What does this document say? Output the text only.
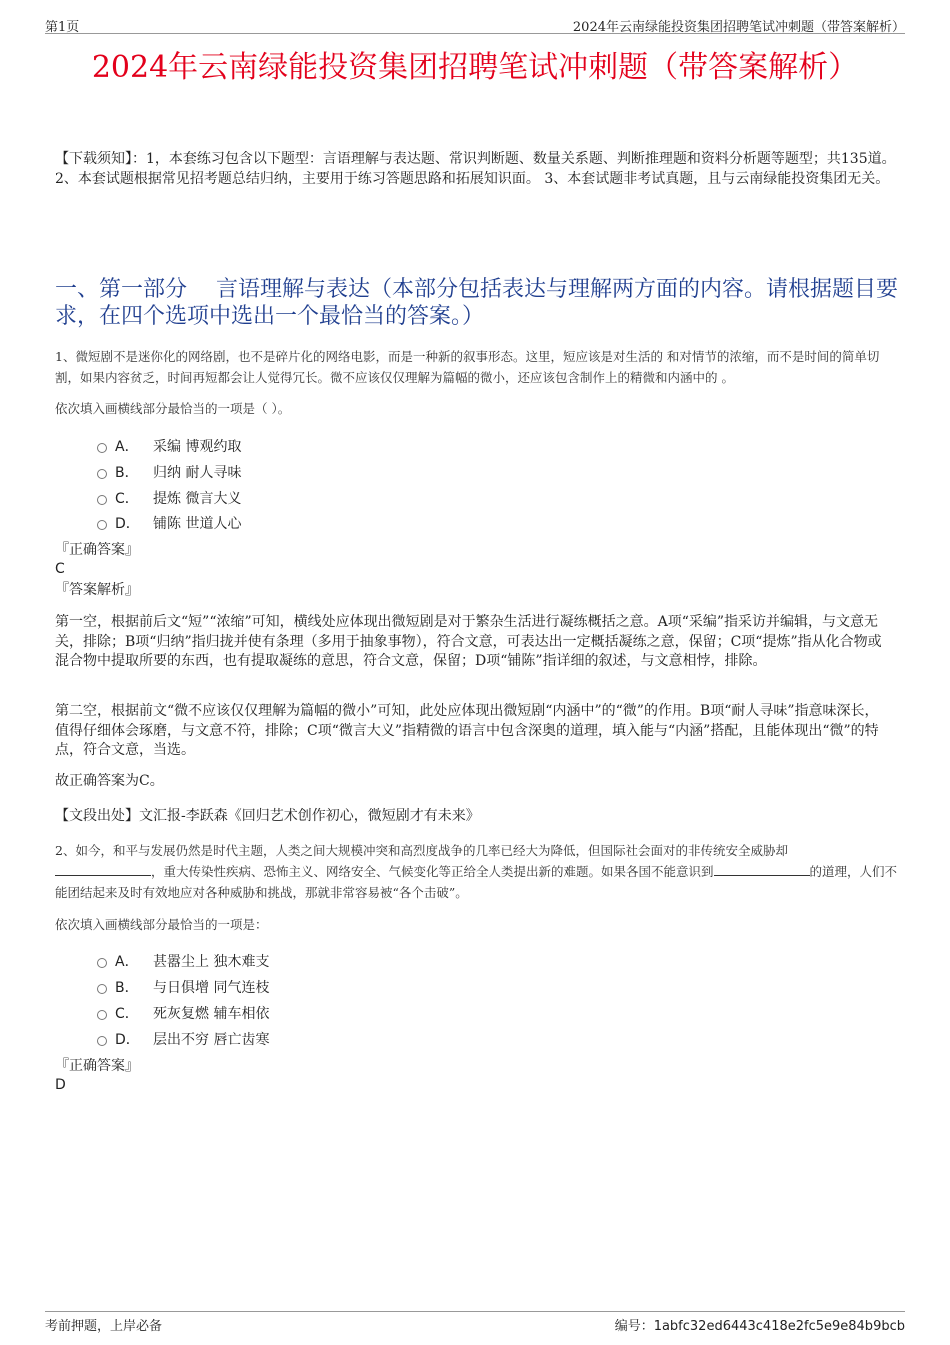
第1页	2024年云南绿能投资集团招聘笔试冲刺题（带答案解析）
2024年云南绿能投资集团招聘笔试冲刺题（带答案解析）
【下载须知】：1，本套练习包含以下题型：言语理解与表达题、常识判断题、数量关系题、判断推理题和资料分析题等题型；共135道。 2、本套试题根据常见招考题总结归纳，主要用于练习答题思路和拓展知识面。 3、本套试题非考试真题，且与云南绿能投资集团无关。
一、第一部分　 言语理解与表达（本部分包括表达与理解两方面的内容。请根据题目要求，在四个选项中选出一个最恰当的答案。）
1、微短剧不是迷你化的网络剧，也不是碎片化的网络电影，而是一种新的叙事形态。这里，短应该是对生活的 和对情节的浓缩，而不是时间的简单切割，如果内容贫乏，时间再短都会让人觉得冗长。微不应该仅仅理解为篇幅的微小，还应该包含制作上的精微和内涵中的 。
依次填入画横线部分最恰当的一项是（ ）。
A．	采编 博观约取
B．	归纳 耐人寻味
C．	提炼 微言大义
D． 铺陈 世道人心
『正确答案』
C
『答案解析』
第一空，根据前后文“短”“浓缩”可知，横线处应体现出微短剧是对于繁杂生活进行凝练概括之意。A项“采编”指采访并编辑，与文意无关，排除；B项“归纳”指归拢并使有条理（多用于抽象事物），符合文意，可表达出一定概括凝练之意，保留；C项“提炼”指从化合物或混合物中提取所要的东西，也有提取凝练的意思，符合文意，保留；D项“铺陈”指详细的叙述，与文意相悖，排除。
第二空，根据前文“微不应该仅仅理解为篇幅的微小”可知，此处应体现出微短剧“内涵中”的“微”的作用。B项“耐人寻味”指意味深长，值得仔细体会琢磨，与文意不符，排除；C项“微言大义”指精微的语言中包含深奥的道理，填入能与“内涵”搭配，且能体现出“微”的特点，符合文意，当选。
故正确答案为C。
【文段出处】文汇报-李跃森《回归艺术创作初心，微短剧才有未来》
2、如今，和平与发展仍然是时代主题，人类之间大规模冲突和高烈度战争的几率已经大为降低，但国际社会面对的非传统安全威胁却
，重大传染性疾病、恐怖主义、网络安全、气候变化等正给全人类提出新的难题。如果各国不能意识到	的道理，人们不能团结起来及时有效地应对各种威胁和挑战，那就非常容易被“各个击破”。
依次填入画横线部分最恰当的一项是：
A．	甚嚣尘上 独木难支
B．	与日俱增 同气连枝
C．	死灰复燃 辅车相依
D． 层出不穷 唇亡齿寒
『正确答案』
D
考前押题，上岸必备	编号：1abfc32ed6443c418e2fc5e9e84b9bcb
